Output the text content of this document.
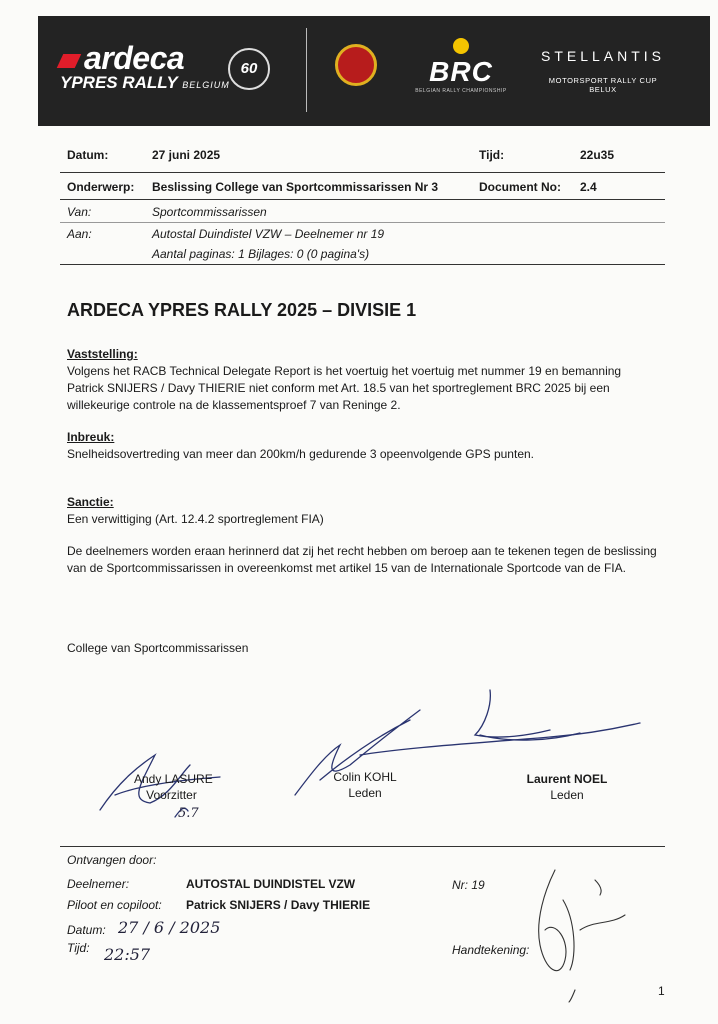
ardeca
YPRES RALLY BELGIUM
60	BRC
BELGIAN RALLY CHAMPIONSHIP
STELLANTIS
MOTORSPORT RALLY CUP BELUX
Datum:	27 juni 2025	Tijd:	22u35
Onderwerp: Beslissing College van Sportcommissarissen Nr 3	Document No: 2.4
Van:	Sportcommissarissen
Aan:	Autostal Duindistel VZW – Deelnemer nr 19
Aantal paginas: 1 Bijlages: 0 (0 pagina's)
ARDECA YPRES RALLY 2025 – DIVISIE 1

Vaststelling:

Volgens het RACB Technical Delegate Report is het voertuig het voertuig met nummer 19 en bemanning

Patrick SNIJERS / Davy THIERIE niet conform met Art. 18.5 van het sportreglement BRC 2025 bij een

willekeurige controle na de klassementsproef 7 van Reninge 2.

Inbreuk:

Snelheidsovertreding van meer dan 200km/h gedurende 3 opeenvolgende GPS punten.

Sanctie:

Een verwittiging (Art. 12.4.2 sportreglement FIA)

De deelnemers worden eraan herinnerd dat zij het recht hebben om beroep aan te tekenen tegen de beslissing

van de Sportcommissarissen in overeenkomst met artikel 15 van de Internationale Sportcode van de FIA.

College van Sportcommissarissen
5.7
Andy LASURE
Voorzitter
Colin KOHL
Leden
Laurent NOEL
Leden
Ontvangen door:
Deelnemer:	AUTOSTAL DUINDISTEL VZW	Nr: 19
Piloot en copiloot: Patrick SNIJERS / Davy THIERIE
Datum: 27 / 6 / 2025
Tijd: 22:57	Handtekening:
1
